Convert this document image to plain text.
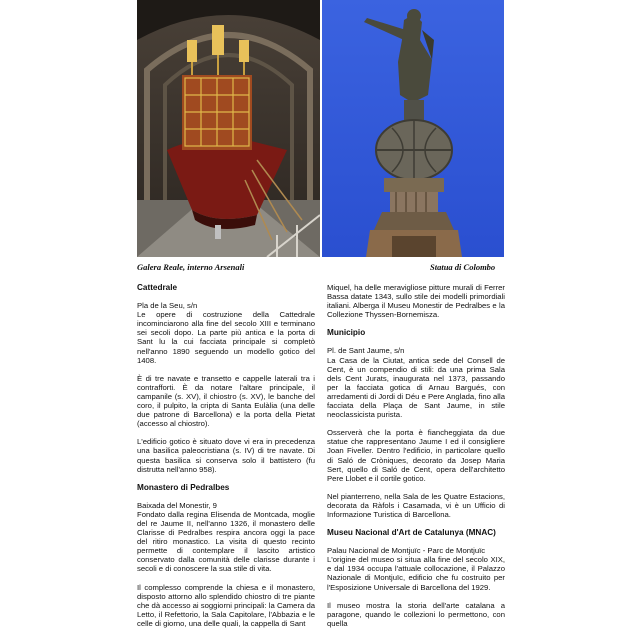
Galera Reale, interno Arsenali	Statua di Colombo
Cattedrale

Pla de la Seu, s/n

Le opere di costruzione della Cattedrale incominciarono alla fine del secolo XIII e terminano sei secoli dopo. La parte più antica e la porta di Sant lu la cui facciata principale si completò nell'anno 1890 seguendo un modello gotico del 1408.

È di tre navate e transetto e cappelle laterali tra i contrafforti. È da notare l'altare principale, il campanile (s. XV), il chiostro (s. XV), le banche del coro, il pulpito, la cripta di Santa Eulàlia (una delle due patrone di Barcellona) e la porta della Pietat (accesso al chiostro).

L'edificio gotico è situato dove vi era in precedenza una basilica paleocristiana (s. IV) di tre navate. Di questa basilica si conserva solo il battistero (fu distrutta nell'anno 958).

Monastero di Pedralbes

Baixada del Monestir, 9

Fondato dalla regina Elisenda de Montcada, moglie del re Jaume II, nell'anno 1326, il monastero delle Clarisse di Pedralbes respira ancora oggi la pace del ritiro monastico. La visita di questo recinto permette di contemplare il lascito artistico conservato dalla comunità delle clarisse durante i secoli e di conoscere la sua stile di vita.

Il complesso comprende la chiesa e il monastero, disposto attorno allo splendido chiostro di tre piante che dà accesso ai soggiorni principali: la Camera da Letto, il Refettorio, la Sala Capitolare, l'Abbazia e le celle di giorno, una delle quali, la cappella di Sant

Miquel, ha delle meravigliose pitture murali di Ferrer Bassa datate 1343, sullo stile dei modelli primordiali italiani. Alberga il Museu Monestir de Pedralbes e la Collezione Thyssen-Bornemisza.

Municipio

Pl. de Sant Jaume, s/n

La Casa de la Ciutat, antica sede del Consell de Cent, è un compendio di stili: da una prima Sala dels Cent Jurats, inaugurata nel 1373, passando per la facciata gotica di Arnau Bargués, con arredamenti di Jordi di Déu e Pere Anglada, fino alla facciata della Plaça de Sant Jaume, in stile neoclassicista purista.

Osserverà che la porta è fiancheggiata da due statue che rappresentano Jaume I ed il consigliere Joan Fiveller. Dentro l'edificio, in particolare quello di Saló de Cròniques, decorato da Josep Maria Sert, quello di Saló de Cent, opera dell'architetto Pere Llobet e il cortile gotico.

Nel pianterreno, nella Sala de les Quatre Estacions, decorata da Ràfols i Casamada, vi è un Ufficio di Informazione Turistica di Barcellona.

Museu Nacional d'Art de Catalunya (MNAC)

Palau Nacional de Montjuïc - Parc de Montjuïc

L'origine del museo si situa alla fine del secolo XIX, e dal 1934 occupa l'attuale collocazione, il Palazzo Nazionale di Montjuïc, edificio che fu costruito per l'Esposizione Universale di Barcellona del 1929.

Il museo mostra la storia dell'arte catalana a paragone, quando le collezioni lo permettono, con quella
